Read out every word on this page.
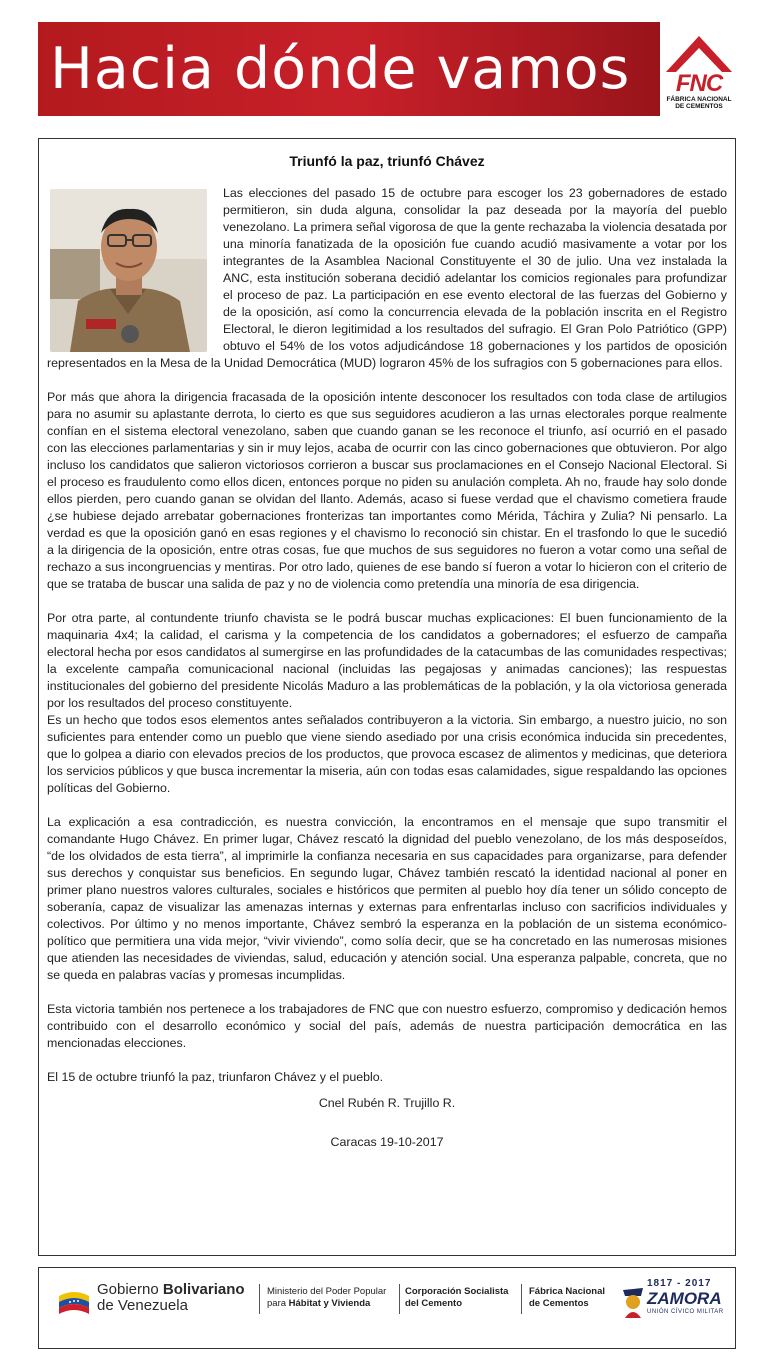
Hacia dónde vamos	FNC
FÁBRICA NACIONAL
DE CEMENTOS
Triunfó la paz, triunfó Chávez

Las elecciones del pasado 15 de octubre para escoger los 23 gobernadores de estado permitieron, sin duda alguna, consolidar la paz deseada por la mayoría del pueblo venezolano. La primera señal vigorosa de que la gente rechazaba la violencia desatada por una minoría fanatizada de la oposición fue cuando acudió masivamente a votar por los integrantes de la Asamblea Nacional Constituyente el 30 de julio. Una vez instalada la ANC, esta institución soberana decidió adelantar los comicios regionales para profundizar el proceso de paz. La participación en ese evento electoral de las fuerzas del Gobierno y de la oposición, así como la concurrencia elevada de la población inscrita en el Registro Electoral, le dieron legitimidad a los resultados del sufragio. El Gran Polo Patriótico (GPP) obtuvo el 54% de los votos adjudicándose 18 gobernaciones y los partidos de oposición representados en la Mesa de la Unidad Democrática (MUD) lograron 45% de los sufragios con 5 gobernaciones para ellos.

Por más que ahora la dirigencia fracasada de la oposición intente desconocer los resultados con toda clase de artilugios para no asumir su aplastante derrota, lo cierto es que sus seguidores acudieron a las urnas electorales porque realmente confían en el sistema electoral venezolano, saben que cuando ganan se les reconoce el triunfo, así ocurrió en el pasado con las elecciones parlamentarias y sin ir muy lejos, acaba de ocurrir con las cinco gobernaciones que obtuvieron. Por algo incluso los candidatos que salieron victoriosos corrieron a buscar sus proclamaciones en el Consejo Nacional Electoral. Si el proceso es fraudulento como ellos dicen, entonces porque no piden su anulación completa. Ah no, fraude hay solo donde ellos pierden, pero cuando ganan se olvidan del llanto. Además, acaso si fuese verdad que el chavismo cometiera fraude ¿se hubiese dejado arrebatar gobernaciones fronterizas tan importantes como Mérida, Táchira y Zulia? Ni pensarlo. La verdad es que la oposición ganó en esas regiones y el chavismo lo reconoció sin chistar. En el trasfondo lo que le sucedió a la dirigencia de la oposición, entre otras cosas, fue que muchos de sus seguidores no fueron a votar como una señal de rechazo a sus incongruencias y mentiras. Por otro lado, quienes de ese bando sí fueron a votar lo hicieron con el criterio de que se trataba de buscar una salida de paz y no de violencia como pretendía una minoría de esa dirigencia.

Por otra parte, al contundente triunfo chavista se le podrá buscar muchas explicaciones: El buen funcionamiento de la maquinaria 4x4; la calidad, el carisma y la competencia de los candidatos a gobernadores; el esfuerzo de campaña electoral hecha por esos candidatos al sumergirse en las profundidades de la catacumbas de las comunidades respectivas; la excelente campaña comunicacional nacional (incluidas las pegajosas y animadas canciones); las respuestas institucionales del gobierno del presidente Nicolás Maduro a las problemáticas de la población, y la ola victoriosa generada por los resultados del proceso constituyente.

Es un hecho que todos esos elementos antes señalados contribuyeron a la victoria. Sin embargo, a nuestro juicio, no son suficientes para entender como un pueblo que viene siendo asediado por una crisis económica inducida sin precedentes, que lo golpea a diario con elevados precios de los productos, que provoca escasez de alimentos y medicinas, que deteriora los servicios públicos y que busca incrementar la miseria, aún con todas esas calamidades, sigue respaldando las opciones políticas del Gobierno.

La explicación a esa contradicción, es nuestra convicción, la encontramos en el mensaje que supo transmitir el comandante Hugo Chávez. En primer lugar, Chávez rescató la dignidad del pueblo venezolano, de los más desposeídos, “de los olvidados de esta tierra”, al imprimirle la confianza necesaria en sus capacidades para organizarse, para defender sus derechos y conquistar sus beneficios. En segundo lugar, Chávez también rescató la identidad nacional al poner en primer plano nuestros valores culturales, sociales e históricos que permiten al pueblo hoy día tener un sólido concepto de soberanía, capaz de visualizar las amenazas internas y externas para enfrentarlas incluso con sacrificios individuales y colectivos. Por último y no menos importante, Chávez sembró la esperanza en la población de un sistema económico-político que permitiera una vida mejor, “vivir viviendo”, como solía decir, que se ha concretado en las numerosas misiones que atienden las necesidades de viviendas, salud, educación y atención social. Una esperanza palpable, concreta, que no se queda en palabras vacías y promesas incumplidas.

Esta victoria también nos pertenece a los trabajadores de FNC que con nuestro esfuerzo, compromiso y dedicación hemos contribuido con el desarrollo económico y social del país, además de nuestra participación democrática en las mencionadas elecciones.

El 15 de octubre triunfó la paz, triunfaron Chávez y el pueblo.

Cnel Rubén R. Trujillo R.

Caracas 19-10-2017

Gobierno Bolivariano
de Venezuela
Ministerio del Poder Popular
para Hábitat y Vivienda
Corporación Socialista
del Cemento
Fábrica Nacional
de Cementos
1817 - 2017
ZAMORA
UNIÓN CÍVICO MILITAR
